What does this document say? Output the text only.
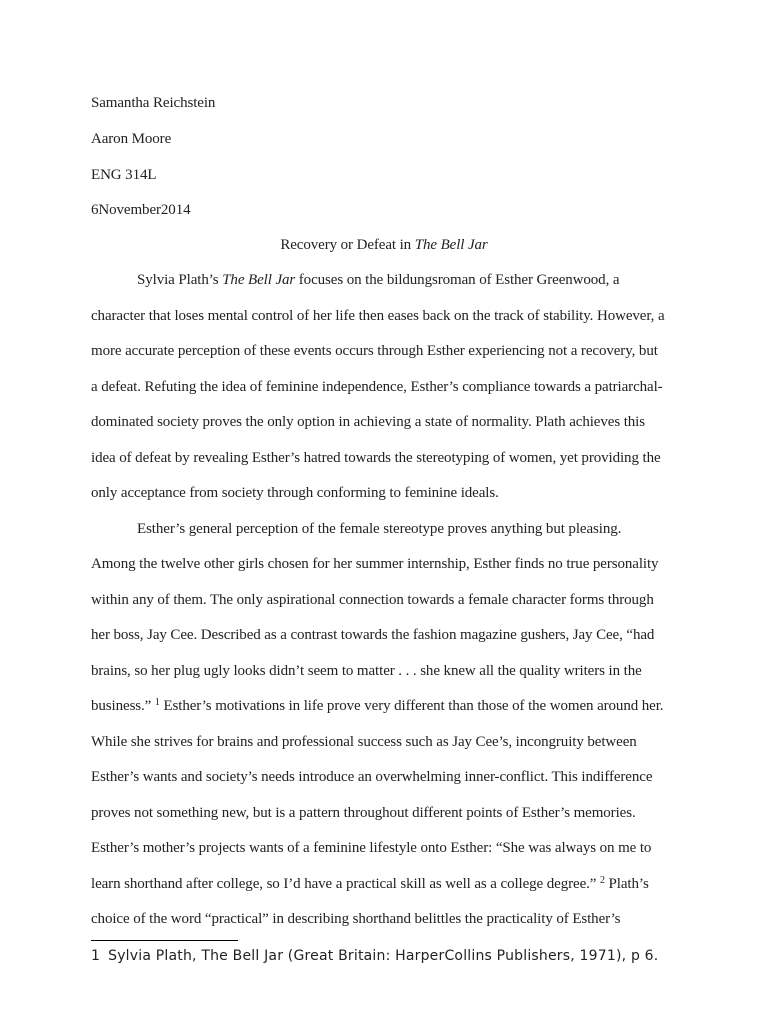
Samantha Reichstein
Aaron Moore
ENG 314L
6November2014
Recovery or Defeat in The Bell Jar
Sylvia Plath’s The Bell Jar focuses on the bildungsroman of Esther Greenwood, a
character that loses mental control of her life then eases back on the track of stability. However, a
more accurate perception of these events occurs through Esther experiencing not a recovery, but
a defeat. Refuting the idea of feminine independence, Esther’s compliance towards a patriarchal-
dominated society proves the only option in achieving a state of normality. Plath achieves this
idea of defeat by revealing Esther’s hatred towards the stereotyping of women, yet providing the
only acceptance from society through conforming to feminine ideals.
Esther’s general perception of the female stereotype proves anything but pleasing.
Among the twelve other girls chosen for her summer internship, Esther finds no true personality
within any of them. The only aspirational connection towards a female character forms through
her boss, Jay Cee. Described as a contrast towards the fashion magazine gushers, Jay Cee, “had
brains, so her plug ugly looks didn’t seem to matter . . . she knew all the quality writers in the
business.” $^1$ Esther’s motivations in life prove very different than those of the women around her.
While she strives for brains and professional success such as Jay Cee’s, incongruity between
Esther’s wants and society’s needs introduce an overwhelming inner-conflict. This indifference
proves not something new, but is a pattern throughout different points of Esther’s memories.
Esther’s mother’s projects wants of a feminine lifestyle onto Esther: “She was always on me to
learn shorthand after college, so I’d have a practical skill as well as a college degree.” $^2$ Plath’s
choice of the word “practical” in describing shorthand belittles the practicality of Esther’s
1 Sylvia Plath, The Bell Jar (Great Britain: HarperCollins Publishers, 1971), p 6.
